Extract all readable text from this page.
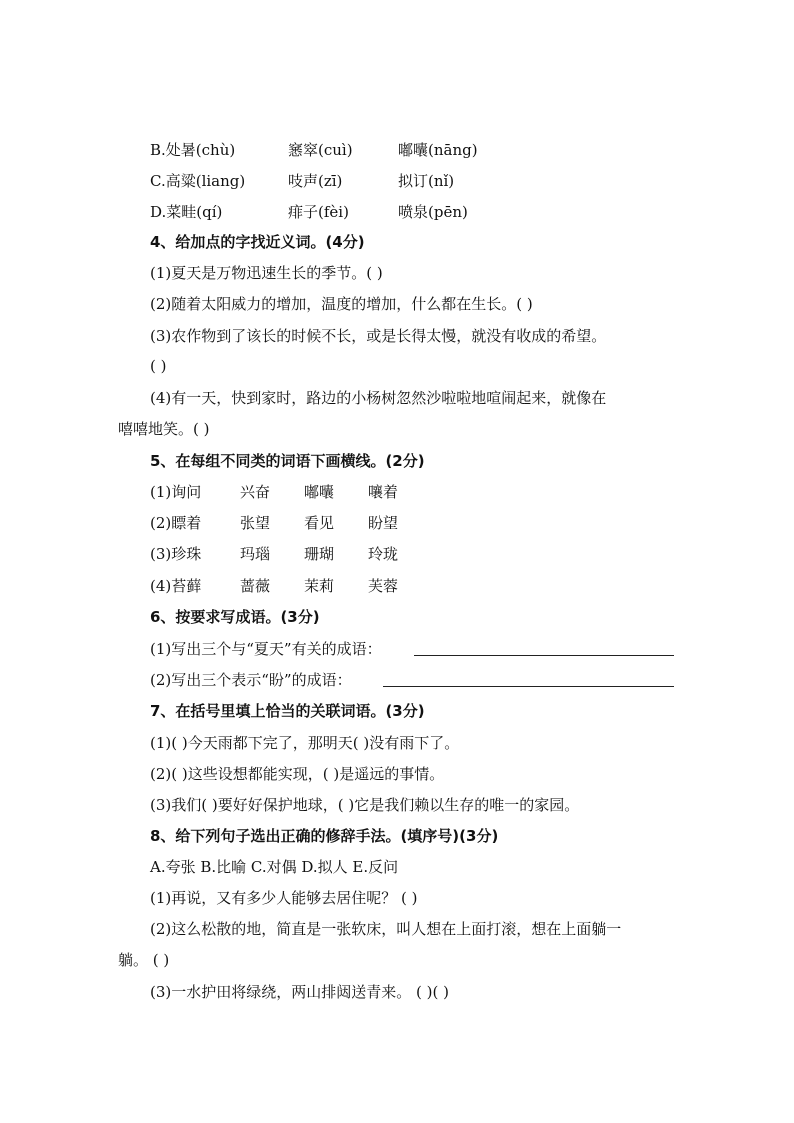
B.处暑(chù)	窸窣(cuì)	嘟囔(nāng)
C.高粱(liang)	吱声(zī)	拟订(nǐ)
D.菜畦(qí)	痱子(fèi)	喷泉(pēn)
4、给加点的字找近义词。(4分)
(1)夏天是万物迅速生长的季节。( )
(2)随着太阳威力的增加，温度的增加，什么都在生长。( )
(3)农作物到了该长的时候不长，或是长得太慢，就没有收成的希望。
( )
(4)有一天，快到家时，路边的小杨树忽然沙啦啦地喧闹起来，就像在
嘻嘻地笑。( )
5、在每组不同类的词语下画横线。(2分)
(1)询问	兴奋 嘟囔 嚷着
(2)瞟着	张望 看见 盼望
(3)珍珠	玛瑙 珊瑚 玲珑
(4)苔藓	蔷薇 茉莉 芙蓉
6、按要求写成语。(3分)
(1)写出三个与“夏天”有关的成语：
(2)写出三个表示“盼”的成语：
7、在括号里填上恰当的关联词语。(3分)
(1)( )今天雨都下完了，那明天( )没有雨下了。
(2)( )这些设想都能实现，( )是遥远的事情。
(3)我们( )要好好保护地球，( )它是我们赖以生存的唯一的家园。
8、给下列句子选出正确的修辞手法。(填序号)(3分)
A.夸张 B.比喻 C.对偶 D.拟人 E.反问
(1)再说，又有多少人能够去居住呢？ ( )
(2)这么松散的地，简直是一张软床，叫人想在上面打滚，想在上面躺一
躺。 ( )
(3)一水护田将绿绕，两山排闼送青来。 ( )( )
